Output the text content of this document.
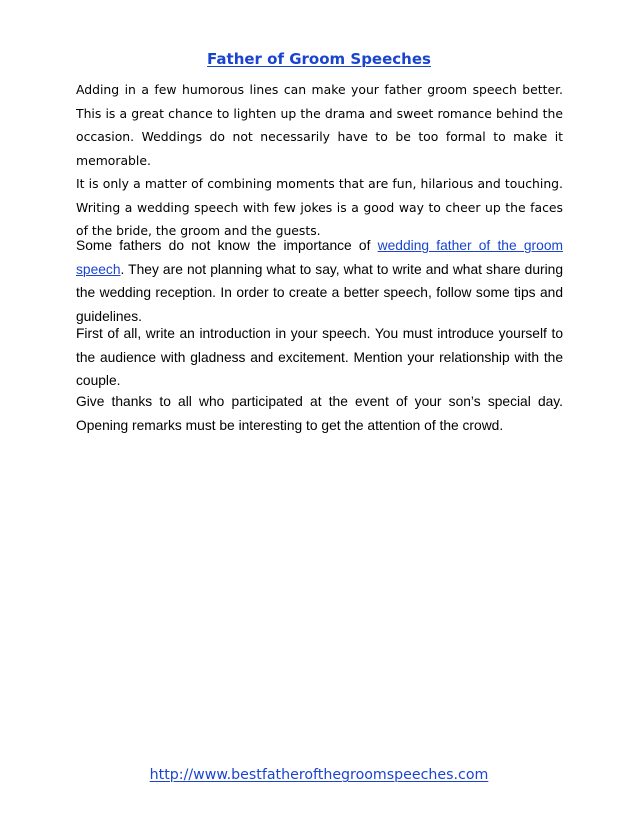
Father of Groom Speeches
Adding in a few humorous lines can make your father groom speech better. This is a great chance to lighten up the drama and sweet romance behind the occasion. Weddings do not necessarily have to be too formal to make it memorable.
It is only a matter of combining moments that are fun, hilarious and touching. Writing a wedding speech with few jokes is a good way to cheer up the faces of the bride, the groom and the guests.

Some fathers do not know the importance of wedding father of the groom speech. They are not planning what to say, what to write and what share during the wedding reception. In order to create a better speech, follow some tips and guidelines.

First of all, write an introduction in your speech. You must introduce yourself to the audience with gladness and excitement. Mention your relationship with the couple.

Give thanks to all who participated at the event of your son’s special day. Opening remarks must be interesting to get the attention of the crowd.

http://www.bestfatherofthegroomspeeches.com
